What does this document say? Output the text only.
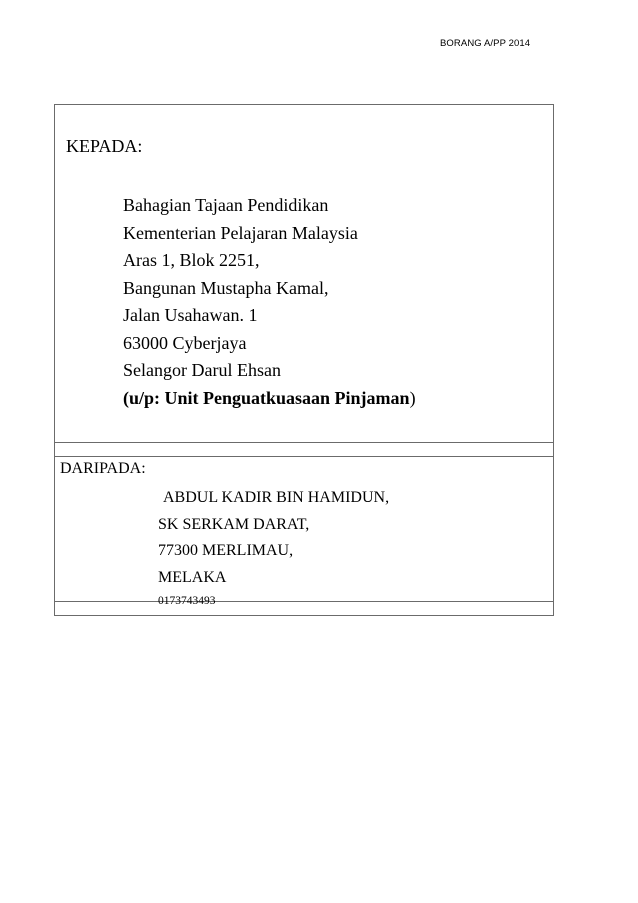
BORANG A/PP 2014
KEPADA:
Bahagian Tajaan Pendidikan
Kementerian Pelajaran Malaysia
Aras 1, Blok 2251,
Bangunan Mustapha Kamal,
Jalan Usahawan. 1
63000 Cyberjaya
Selangor Darul Ehsan
(u/p: Unit Penguatkuasaan Pinjaman)
DARIPADA:
ABDUL KADIR BIN HAMIDUN,
SK SERKAM DARAT,
77300 MERLIMAU,
MELAKA
0173743493
